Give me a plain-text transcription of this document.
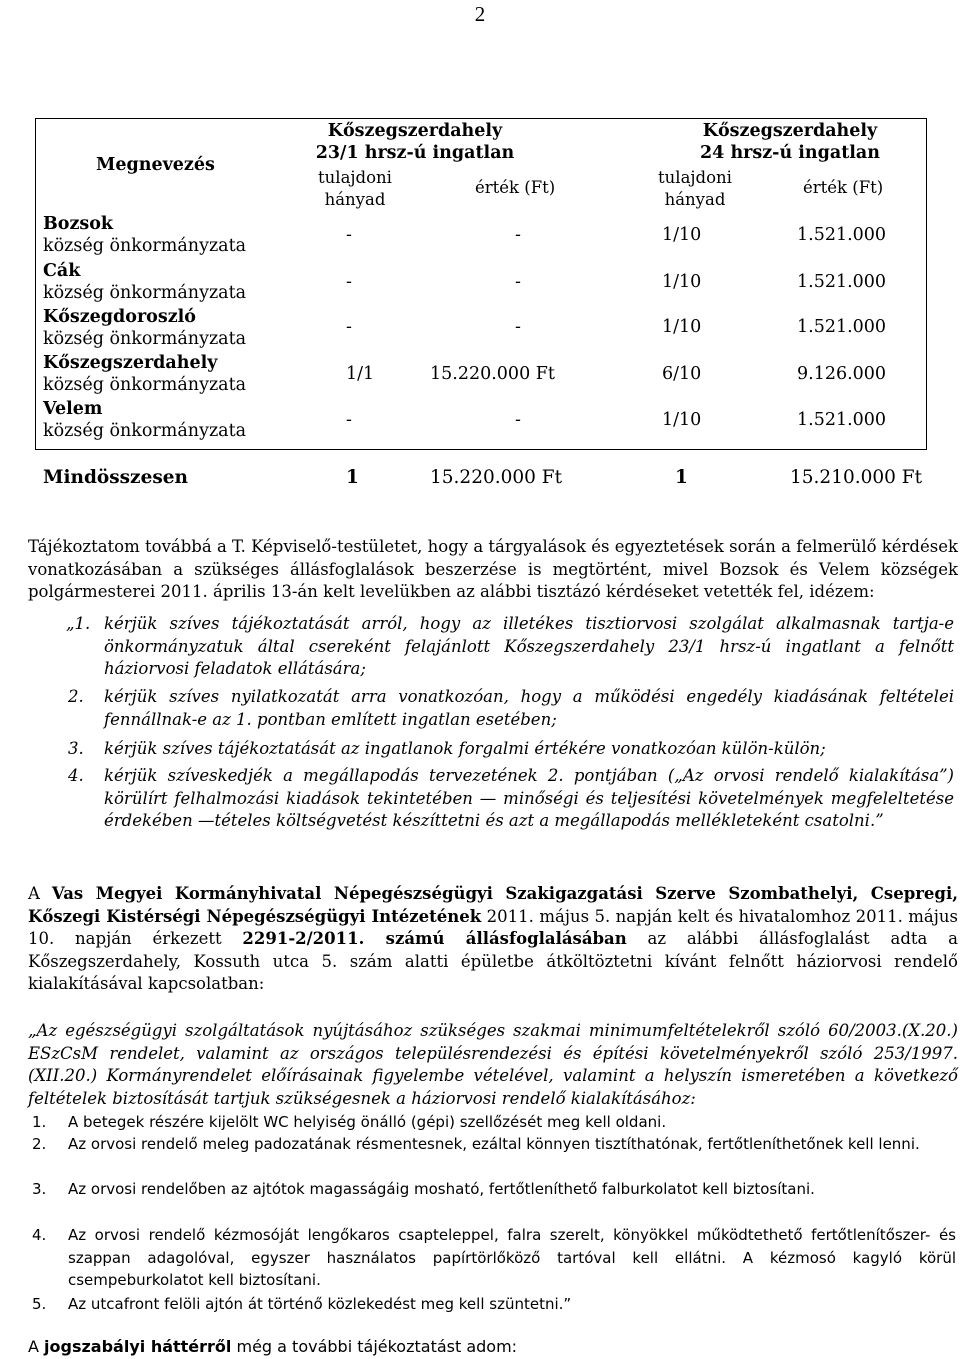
2
Megnevezés
Kőszegszerdahely
23/1 hrsz-ú ingatlan
Kőszegszerdahely
24 hrsz-ú ingatlan
tulajdoni
hányad
érték (Ft)
tulajdoni
hányad
érték (Ft)
Bozsok
község önkormányzata
-	-	1/10	1.521.000
Cák
község önkormányzata
-	-	1/10	1.521.000
Kőszegdoroszló
község önkormányzata
-	-	1/10	1.521.000
Kőszegszerdahely
község önkormányzata
1/1	15.220.000 Ft	6/10	9.126.000
Velem
község önkormányzata
-	-	1/10	1.521.000
Mindösszesen	1	15.220.000 Ft	1	15.210.000 Ft
Tájékoztatom továbbá a T. Képviselő-testületet, hogy a tárgyalások és egyeztetések során a felmerülő kérdések vonatkozásában a szükséges állásfoglalások beszerzése is megtörtént, mivel Bozsok és Velem községek polgármesterei 2011. április 13-án kelt levelükben az alábbi tisztázó kérdéseket vetették fel, idézem:
„1. kérjük szíves tájékoztatását arról, hogy az illetékes tisztiorvosi szolgálat alkalmasnak tartja-e önkormányzatuk által csereként felajánlott Kőszegszerdahely 23/1 hrsz-ú ingatlant a felnőtt háziorvosi feladatok ellátására;
2. kérjük szíves nyilatkozatát arra vonatkozóan, hogy a működési engedély kiadásának feltételei fennállnak-e az 1. pontban említett ingatlan esetében;
3. kérjük szíves tájékoztatását az ingatlanok forgalmi értékére vonatkozóan külön-külön;
4. kérjük szíveskedjék a megállapodás tervezetének 2. pontjában („Az orvosi rendelő kialakítása”) körülírt felhalmozási kiadások tekintetében — minőségi és teljesítési követelmények megfeleltetése érdekében —tételes költségvetést készíttetni és azt a megállapodás mellékleteként csatolni.”
A Vas Megyei Kormányhivatal Népegészségügyi Szakigazgatási Szerve Szombathelyi, Csepregi, Kőszegi Kistérségi Népegészségügyi Intézetének 2011. május 5. napján kelt és hivatalomhoz 2011. május 10. napján érkezett 2291-2/2011. számú állásfoglalásában az alábbi állásfoglalást adta a Kőszegszerdahely, Kossuth utca 5. szám alatti épületbe átköltöztetni kívánt felnőtt háziorvosi rendelő kialakításával kapcsolatban:
„Az egészségügyi szolgáltatások nyújtásához szükséges szakmai minimumfeltételekről szóló 60/2003.(X.20.) ESzCsM rendelet, valamint az országos településrendezési és építési követelményekről szóló 253/1997.(XII.20.) Kormányrendelet előírásainak figyelembe vételével, valamint a helyszín ismeretében a következő feltételek biztosítását tartjuk szükségesnek a háziorvosi rendelő kialakításához:
1. A betegek részére kijelölt WC helyiség önálló (gépi) szellőzését meg kell oldani.
2. Az orvosi rendelő meleg padozatának résmentesnek, ezáltal könnyen tisztíthatónak, fertőtleníthetőnek kell lenni.
3. Az orvosi rendelőben az ajtótok magasságáig mosható, fertőtleníthető falburkolatot kell biztosítani.
4. Az orvosi rendelő kézmosóját lengőkaros csapteleppel, falra szerelt, könyökkel működtethető fertőtlenítőszer- és szappan adagolóval, egyszer használatos papírtörlőköző tartóval kell ellátni. A kézmosó kagyló körül csempeburkolatot kell biztosítani.
5. Az utcafront felöli ajtón át történő közlekedést meg kell szüntetni.”
A jogszabályi háttérről még a további tájékoztatást adom:
